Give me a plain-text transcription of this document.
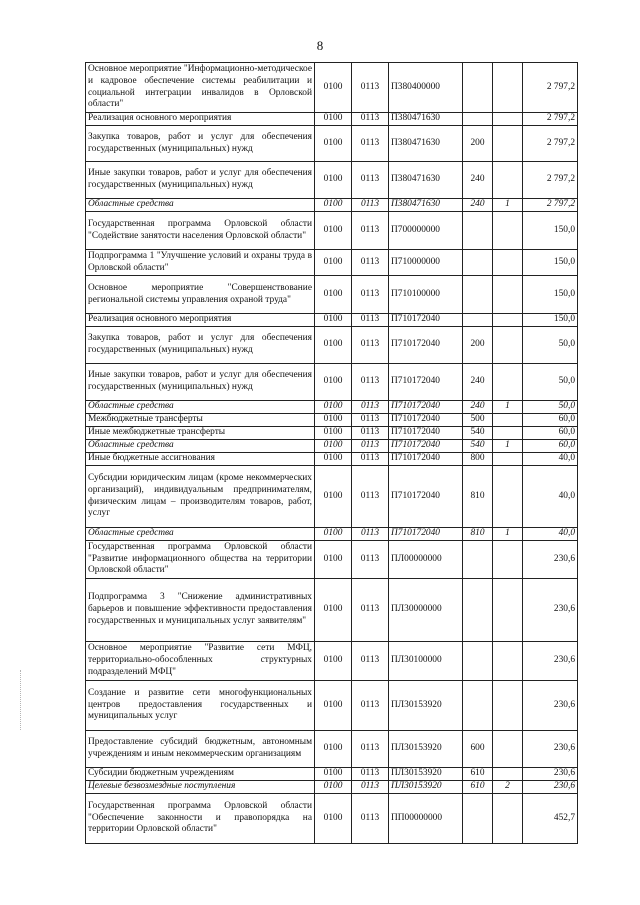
8
Основное мероприятие "Информационно-методическое и кадровое обеспечение системы реабилитации и социальной интеграции инвалидов в Орловской области"	0100	0113	П380400000			2 797,2
Реализация основного мероприятия	0100	0113	П380471630			2 797,2
Закупка товаров, работ и услуг для обеспечения государственных (муниципальных) нужд	0100	0113	П380471630	200		2 797,2
Иные закупки товаров, работ и услуг для обеспечения государственных (муниципальных) нужд	0100	0113	П380471630	240		2 797,2
Областные средства	0100	0113	П380471630	240	1	2 797,2
Государственная программа Орловской области "Содействие занятости населения Орловской области"	0100	0113	П700000000			150,0
Подпрограмма 1 "Улучшение условий и охраны труда в Орловской области"	0100	0113	П710000000			150,0
Основное мероприятие "Совершенствование региональной системы управления охраной труда"	0100	0113	П710100000			150,0
Реализация основного мероприятия	0100	0113	П710172040			150,0
Закупка товаров, работ и услуг для обеспечения государственных (муниципальных) нужд	0100	0113	П710172040	200		50,0
Иные закупки товаров, работ и услуг для обеспечения государственных (муниципальных) нужд	0100	0113	П710172040	240		50,0
Областные средства	0100	0113	П710172040	240	1	50,0
Межбюджетные трансферты	0100	0113	П710172040	500		60,0
Иные межбюджетные трансферты	0100	0113	П710172040	540		60,0
Областные средства	0100	0113	П710172040	540	1	60,0
Иные бюджетные ассигнования	0100	0113	П710172040	800		40,0
Субсидии юридическим лицам (кроме некоммерческих организаций), индивидуальным предпринимателям, физическим лицам – производителям товаров, работ, услуг	0100	0113	П710172040	810		40,0
Областные средства	0100	0113	П710172040	810	1	40,0
Государственная программа Орловской области "Развитие информационного общества на территории Орловской области"	0100	0113	ПЛ00000000			230,6
Подпрограмма 3 "Снижение административных барьеров и повышение эффективности предоставления государственных и муниципальных услуг заявителям"	0100	0113	ПЛ30000000			230,6
Основное мероприятие "Развитие сети МФЦ, территориально-обособленных структурных подразделений МФЦ"	0100	0113	ПЛ30100000			230,6
Создание и развитие сети многофункциональных центров предоставления государственных и муниципальных услуг	0100	0113	ПЛ30153920			230,6
Предоставление субсидий бюджетным, автономным учреждениям и иным некоммерческим организациям	0100	0113	ПЛ30153920	600		230,6
Субсидии бюджетным учреждениям	0100	0113	ПЛ30153920	610		230,6
Целевые безвозмездные поступления	0100	0113	ПЛ30153920	610	2	230,6
Государственная программа Орловской области "Обеспечение законности и правопорядка на территории Орловской области"	0100	0113	ПП00000000			452,7
